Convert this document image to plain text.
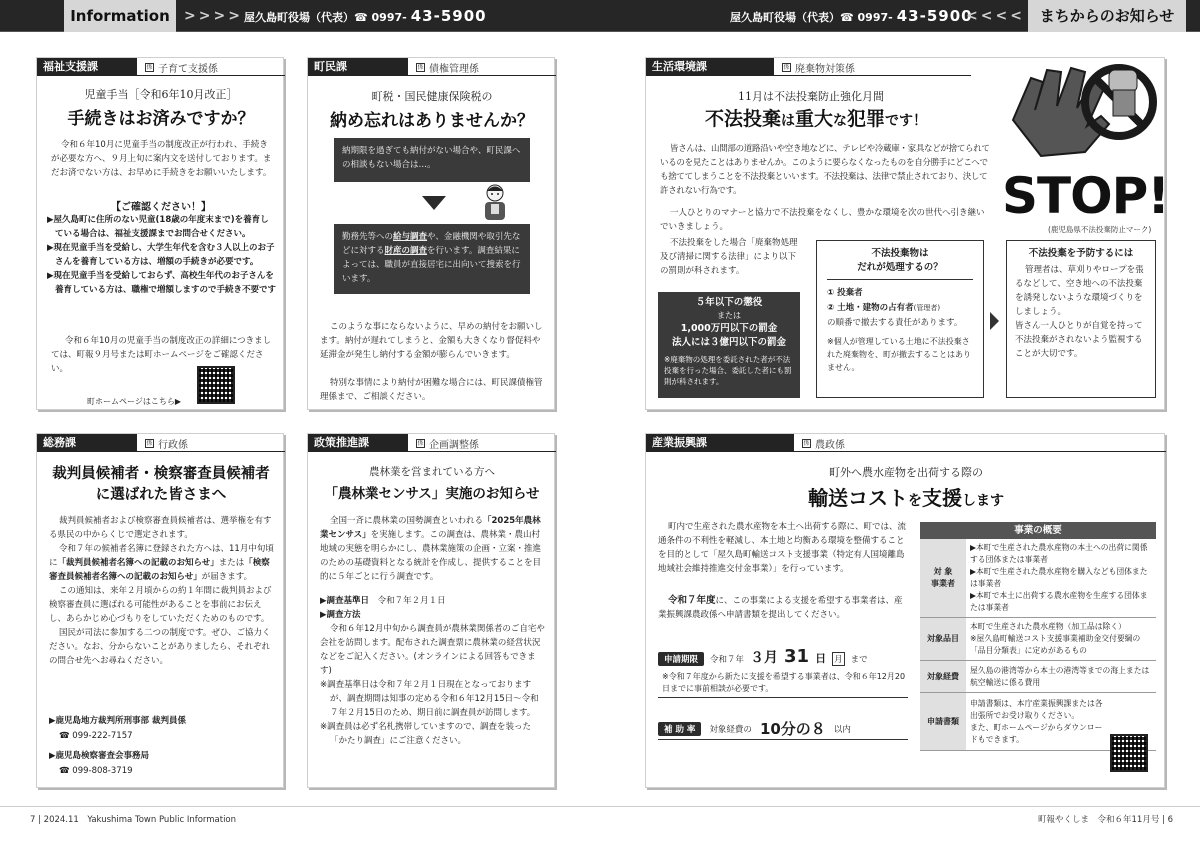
Information	>>>> 屋久島町役場（代表）☎ 0997- 43-5900	屋久島町役場（代表）☎ 0997- 43-5900
<<<< まちからのお知らせ
福祉支援課	係 子育て支援係
児童手当［令和6年10月改正］
手続きはお済みですか？
令和６年10月に児童手当の制度改正が行われ、手続きが必要な方へ、９月上旬に案内文を送付しております。まだお済でない方は、お早めに手続きをお願いいたします。
【ご確認ください！】
▶屋久島町に住所のない児童(18歳の年度末まで)を養育している場合は、福祉支援課までお問合せください。
▶現在児童手当を受給し、大学生年代を含む３人以上のお子さんを養育している方は、増額の手続きが必要です。
▶現在児童手当を受給しておらず、高校生年代のお子さんを養育している方は、職権で増額しますので手続き不要です
令和６年10月の児童手当の制度改正の詳細につきましては、町報９月号または町ホームページをご確認ください。
町ホームページはこちら▶
町民課	係 債権管理係
町税・国民健康保険税の
納め忘れはありませんか？
納期限を過ぎても納付がない場合や、町民課への相談もない場合は…。
勤務先等への給与調査や、金融機関や取引先などに対する財産の調査を行います。調査結果によっては、職員が直接居宅に出向いて捜索を行います。
このような事にならないように、早めの納付をお願いします。納付が遅れてしまうと、金額も大きくなり督促料や延滞金が発生し納付する金額が膨らんでいきます。
特別な事情により納付が困難な場合には、町民課債権管理係まで、ご相談ください。
生活環境課	係 廃棄物対策係
11月は不法投棄防止強化月間
不法投棄は重大な犯罪です！
皆さんは、山間部の道路沿いや空き地などに、テレビや冷蔵庫・家具などが捨てられているのを見たことはありませんか。このように要らなくなったものを自分勝手にどこへでも捨ててしまうことを不法投棄といいます。不法投棄は、法律で禁止されており、決して許されない行為です。
一人ひとりのマナーと協力で不法投棄をなくし、豊かな環境を次の世代へ引き継いでいきましょう。
不法投棄をした場合「廃棄物処理及び清掃に関する法律」により以下の罰則が科されます。
５年以下の懲役
または
1,000万円以下の罰金
法人には３億円以下の罰金
※廃棄物の処理を委託された者が不法投棄を行った場合、委託した者にも罰則が科されます。
不法投棄物は
だれが処理するの？
① 投棄者
② 土地・建物の占有者(管理者)
の順番で撤去する責任があります。
※個人が管理している土地に不法投棄された廃棄物を、町が撤去することはありません。
STOP!
(鹿児島県不法投棄防止マーク)
不法投棄を予防するには
管理者は、草刈りやロープを張るなどして、空き地への不法投棄を誘発しないような環境づくりをしましょう。
皆さん一人ひとりが自覚を持って不法投棄がされないよう監視することが大切です。
総務課	係 行政係
裁判員候補者・検察審査員候補者
に選ばれた皆さまへ
裁判員候補者および検察審査員候補者は、選挙権を有する県民の中からくじで選定されます。
令和７年の候補者名簿に登録された方へは、11月中旬頃に「裁判員候補者名簿への記載のお知らせ」または「検察審査員候補者名簿への記載のお知らせ」が届きます。
この通知は、来年２月頃からの約１年間に裁判員および検察審査員に選ばれる可能性があることを事前にお伝えし、あらかじめ心づもりをしていただくためのものです。
国民が司法に参加する二つの制度です。ぜひ、ご協力ください。なお、分からないことがありましたら、それぞれの問合せ先へお尋ねください。
▶鹿児島地方裁判所刑事部 裁判員係
☎ 099-222-7157
▶鹿児島検察審査会事務局
☎ 099-808-3719
政策推進課	係 企画調整係
農林業を営まれている方へ
「農林業センサス」実施のお知らせ
全国一斉に農林業の国勢調査といわれる「2025年農林業センサス」を実施します。この調査は、農林業・農山村地域の実態を明らかにし、農林業施策の企画・立案・推進のための基礎資料となる統計を作成し、提供することを目的に５年ごとに行う調査です。
▶調査基準日　 令和７年２月１日
▶調査方法
令和６年12月中旬から調査員が農林業関係者のご自宅や会社を訪問します。配布された調査票に農林業の経営状況などをご記入ください。(オンラインによる回答もできます)
※調査基準日は令和７年２月１日現在となっておりますが、調査期間は知事の定める令和６年12月15日〜令和７年２月15日のため、期日前に調査員が訪問します。
※調査員は必ず名札携帯していますので、調査を装った「かたり調査」にご注意ください。
産業振興課	係 農政係
町外へ農水産物を出荷する際の
輸送コストを支援します
町内で生産された農水産物を本土へ出荷する際に、町では、流通条件の不利性を軽減し、本土地と均衡ある環境を整備することを目的として「屋久島町輸送コスト支援事業（特定有人国境離島地域社会維持推進交付金事業）」を行っています。
令和７年度に、この事業による支援を希望する事業者は、産業振興課農政係へ申請書類を提出してください。
申請期限	令和７年 ３月 31 日 月 まで
※令和７年度から新たに支援を希望する事業者は、令和６年12月20日までに事前相談が必要です。
補 助 率	対象経費の 10分の８ 以内
事業の概要
対 象
事業者	▶本町で生産された農水産物の本土への出荷に関係する団体または事業者
▶本町で生産された農水産物を購入なども団体または事業者
▶本町で本土に出荷する農水産物を生産する団体または事業者
対象品目	本町で生産された農水産物（加工品は除く）
※屋久島町輸送コスト支援事業補助金交付要綱の「品目分類表」に定めがあるもの
対象経費	屋久島の港湾等から本土の港湾等までの海上または航空輸送に係る費用
申請書類	申請書類は、本庁産業振興課または各出張所でお受け取りください。
また、町ホームページからダウンロードもできます。
7 | 2024.11　Yakushima Town Public Information	町報やくしま　令和６年11月号 | 6
